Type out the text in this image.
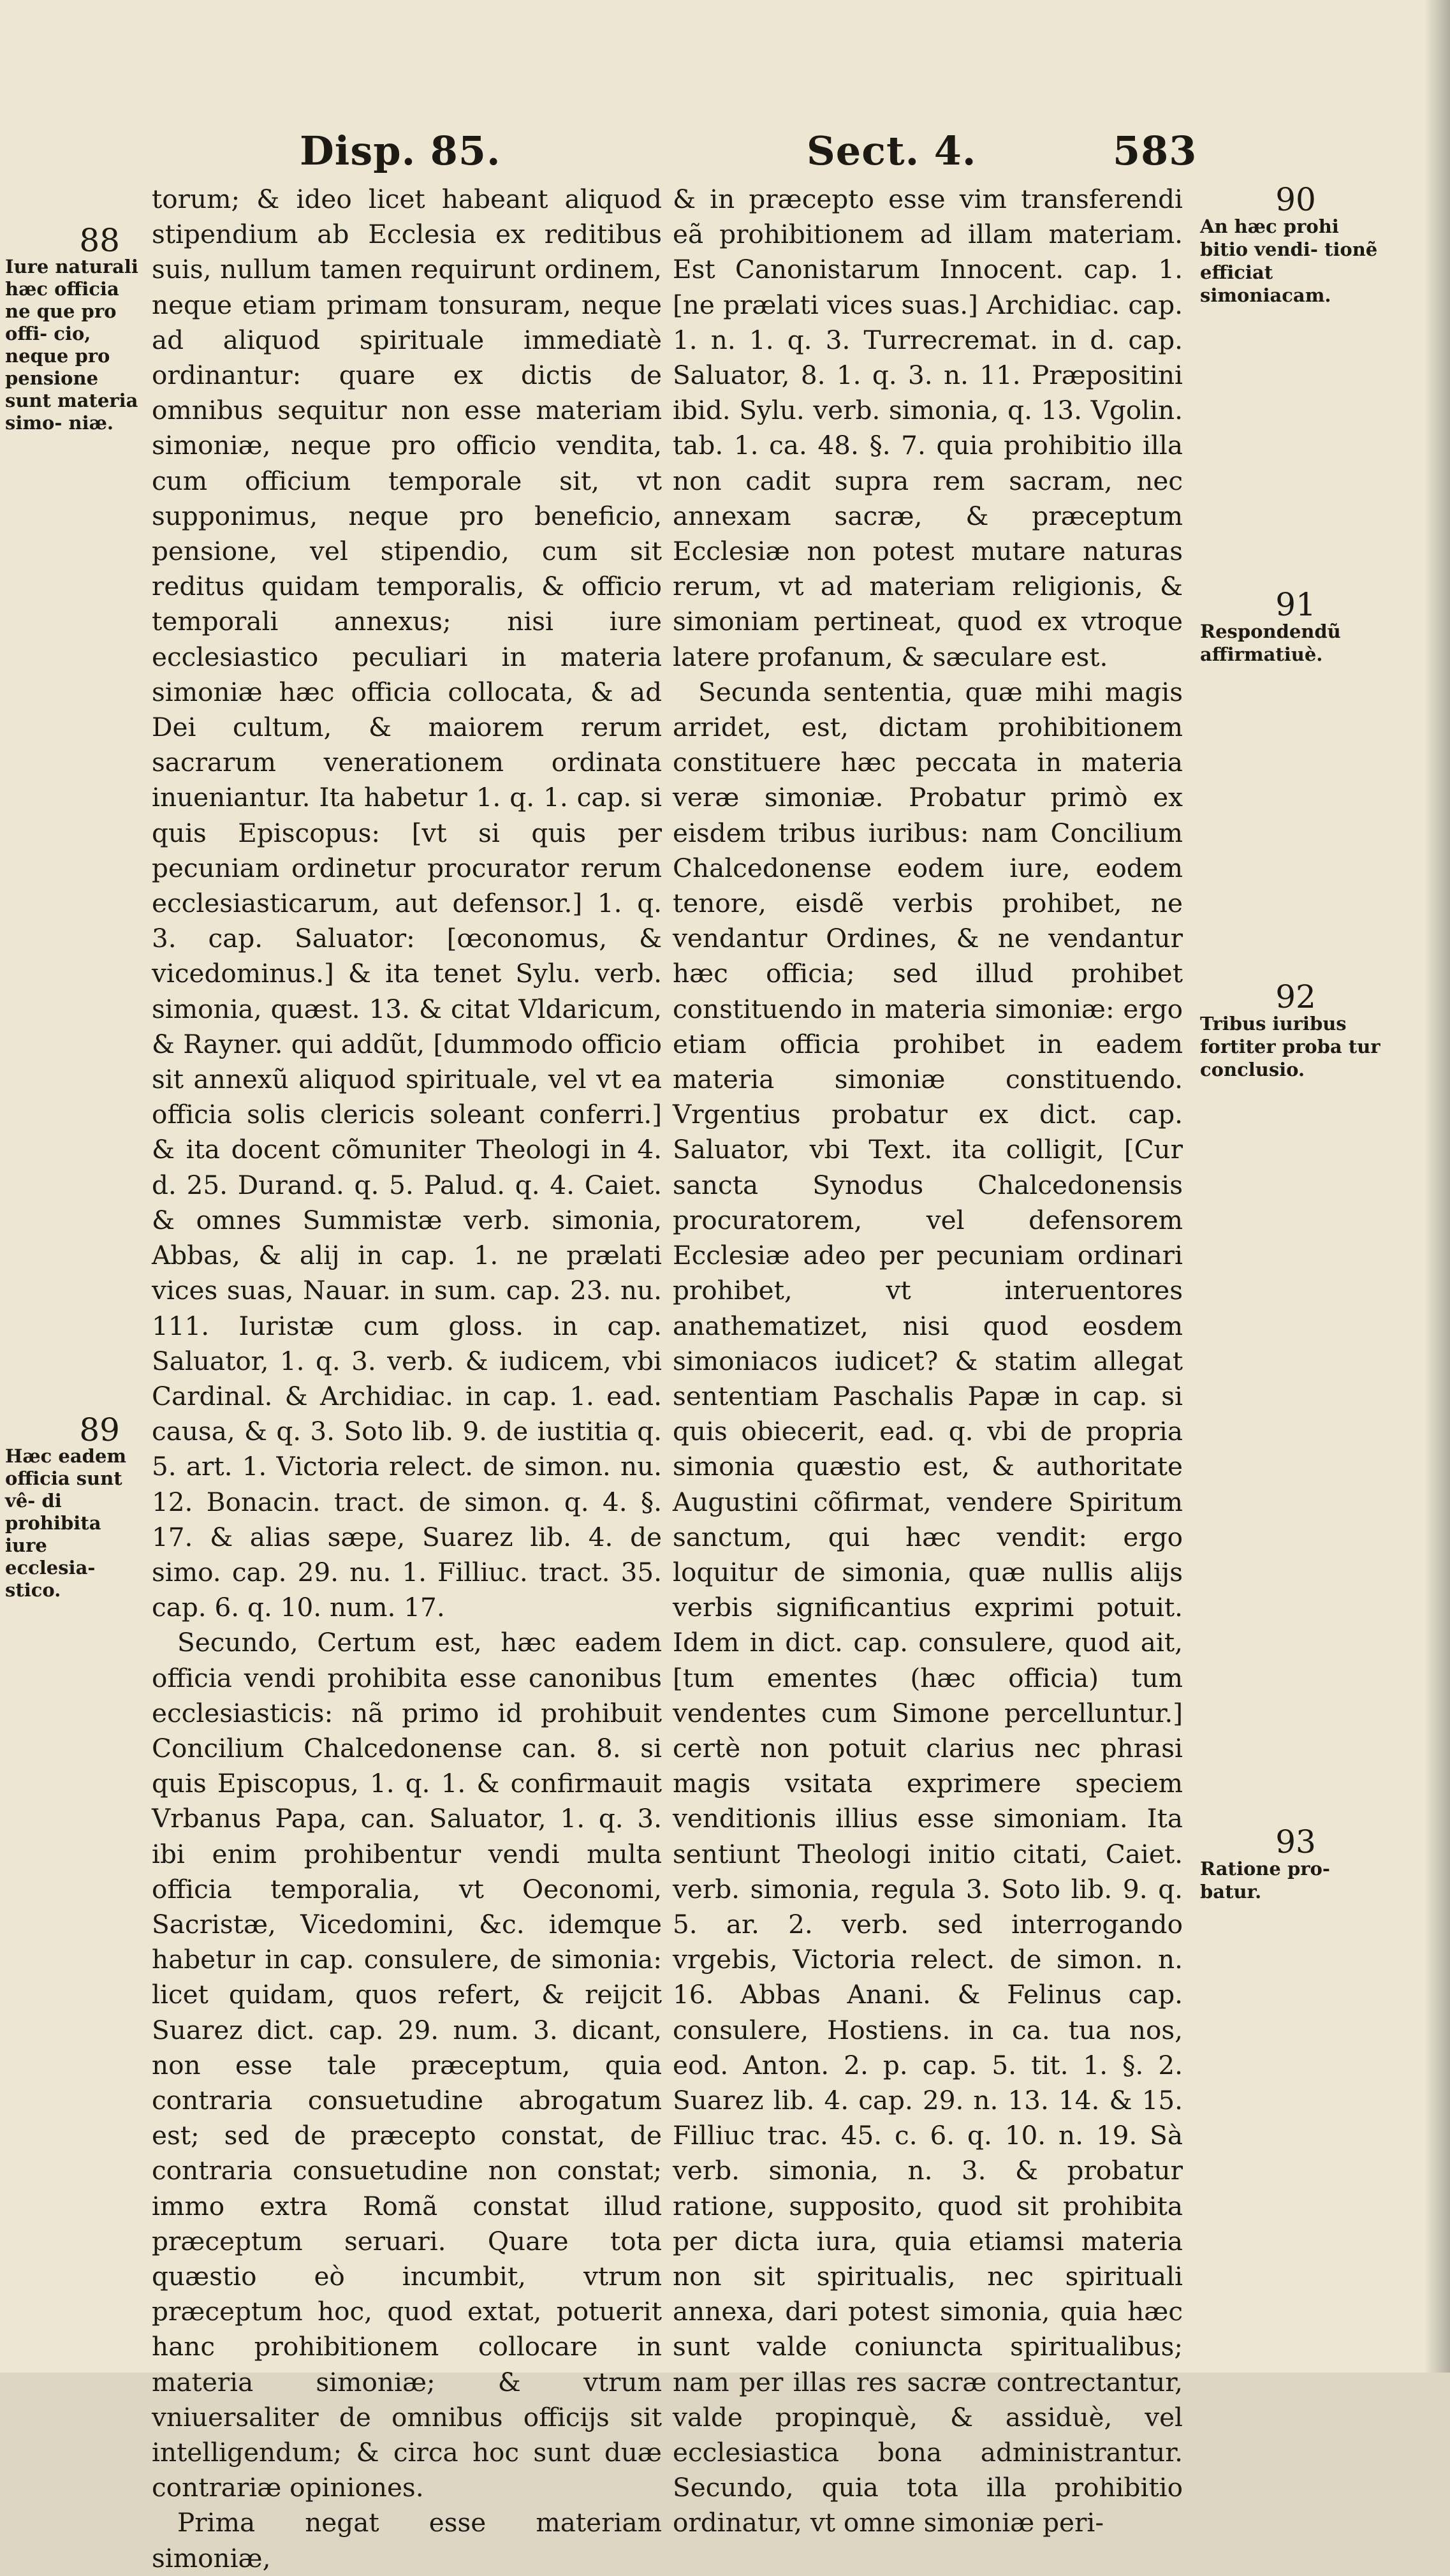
Disp. 85.	Sect. 4.	583
88
Iure naturali hæc officia ne que pro offi- cio, neque pro pensione sunt materia simo- niæ.
89
Hæc eadem officia sunt vê- di prohibita iure ecclesia- stico.
90
An hæc prohi bitio vendi- tionẽ efficiat simoniacam.
91
Respondendũ affirmatiuè.
92
Tribus iuribus fortiter proba tur conclusio.
93
Ratione pro- batur.

torum; & ideo licet habeant aliquod stipendium ab Ecclesia ex reditibus suis, nullum tamen requirunt ordinem, neque etiam primam tonsuram, neque ad aliquod spirituale immediatè ordinantur: quare ex dictis de omnibus sequitur non esse materiam simoniæ, neque pro officio vendita, cum officium temporale sit, vt supponimus, neque pro beneficio, pensione, vel stipendio, cum sit reditus quidam temporalis, & officio temporali annexus; nisi iure ecclesiastico peculiari in materia simoniæ hæc officia collocata, & ad Dei cultum, & maiorem rerum sacrarum venerationem ordinata inueniantur. Ita habetur 1. q. 1. cap. si quis Episcopus: [vt si quis per pecuniam ordinetur procurator rerum ecclesiasticarum, aut defensor.] 1. q. 3. cap. Saluator: [œconomus, & vicedominus.] & ita tenet Sylu. verb. simonia, quæst. 13. & citat Vldaricum, & Rayner. qui addũt, [dummodo officio sit annexũ aliquod spirituale, vel vt ea officia solis clericis soleant conferri.] & ita docent cõmuniter Theologi in 4. d. 25. Durand. q. 5. Palud. q. 4. Caiet. & omnes Summistæ verb. simonia, Abbas, & alij in cap. 1. ne prælati vices suas, Nauar. in sum. cap. 23. nu. 111. Iuristæ cum gloss. in cap. Saluator, 1. q. 3. verb. & iudicem, vbi Cardinal. & Archidiac. in cap. 1. ead. causa, & q. 3. Soto lib. 9. de iustitia q. 5. art. 1. Victoria relect. de simon. nu. 12. Bonacin. tract. de simon. q. 4. §. 17. & alias sæpe, Suarez lib. 4. de simo. cap. 29. nu. 1. Filliuc. tract. 35. cap. 6. q. 10. num. 17.

Secundo, Certum est, hæc eadem officia vendi prohibita esse canonibus ecclesiasticis: nã primo id prohibuit Concilium Chalcedonense can. 8. si quis Episcopus, 1. q. 1. & confirmauit Vrbanus Papa, can. Saluator, 1. q. 3. ibi enim prohibentur vendi multa officia temporalia, vt Oeconomi, Sacristæ, Vicedomini, &c. idemque habetur in cap. consulere, de simonia: licet quidam, quos refert, & reijcit Suarez dict. cap. 29. num. 3. dicant, non esse tale præceptum, quia contraria consuetudine abrogatum est; sed de præcepto constat, de contraria consuetudine non constat; immo extra Romã constat illud præceptum seruari. Quare tota quæstio eò incumbit, vtrum præceptum hoc, quod extat, potuerit hanc prohibitionem collocare in materia simoniæ; & vtrum vniuersaliter de omnibus officijs sit intelligendum; & circa hoc sunt duæ contrariæ opiniones.

Prima negat esse materiam simoniæ,

& in præcepto esse vim transferendi eã prohibitionem ad illam materiam. Est Canonistarum Innocent. cap. 1. [ne prælati vices suas.] Archidiac. cap. 1. n. 1. q. 3. Turrecremat. in d. cap. Saluator, 8. 1. q. 3. n. 11. Præpositini ibid. Sylu. verb. simonia, q. 13. Vgolin. tab. 1. ca. 48. §. 7. quia prohibitio illa non cadit supra rem sacram, nec annexam sacræ, & præceptum Ecclesiæ non potest mutare naturas rerum, vt ad materiam religionis, & simoniam pertineat, quod ex vtroque latere profanum, & sæculare est.

Secunda sententia, quæ mihi magis arridet, est, dictam prohibitionem constituere hæc peccata in materia veræ simoniæ. Probatur primò ex eisdem tribus iuribus: nam Concilium Chalcedonense eodem iure, eodem tenore, eisdẽ verbis prohibet, ne vendantur Ordines, & ne vendantur hæc officia; sed illud prohibet constituendo in materia simoniæ: ergo etiam officia prohibet in eadem materia simoniæ constituendo. Vrgentius probatur ex dict. cap. Saluator, vbi Text. ita colligit, [Cur sancta Synodus Chalcedonensis procuratorem, vel defensorem Ecclesiæ adeo per pecuniam ordinari prohibet, vt interuentores anathematizet, nisi quod eosdem simoniacos iudicet? & statim allegat sententiam Paschalis Papæ in cap. si quis obiecerit, ead. q. vbi de propria simonia quæstio est, & authoritate Augustini cõfirmat, vendere Spiritum sanctum, qui hæc vendit: ergo loquitur de simonia, quæ nullis alijs verbis significantius exprimi potuit. Idem in dict. cap. consulere, quod ait, [tum ementes (hæc officia) tum vendentes cum Simone percelluntur.] certè non potuit clarius nec phrasi magis vsitata exprimere speciem venditionis illius esse simoniam. Ita sentiunt Theologi initio citati, Caiet. verb. simonia, regula 3. Soto lib. 9. q. 5. ar. 2. verb. sed interrogando vrgebis, Victoria relect. de simon. n. 16. Abbas Anani. & Felinus cap. consulere, Hostiens. in ca. tua nos, eod. Anton. 2. p. cap. 5. tit. 1. §. 2. Suarez lib. 4. cap. 29. n. 13. 14. & 15. Filliuc trac. 45. c. 6. q. 10. n. 19. Sà verb. simonia, n. 3. & probatur ratione, supposito, quod sit prohibita per dicta iura, quia etiamsi materia non sit spiritualis, nec spirituali annexa, dari potest simonia, quia hæc sunt valde coniuncta spiritualibus; nam per illas res sacræ contrectantur, valde propinquè, & assiduè, vel ecclesiastica bona administrantur. Secundo, quia tota illa prohibitio ordinatur, vt omne simoniæ peri-
